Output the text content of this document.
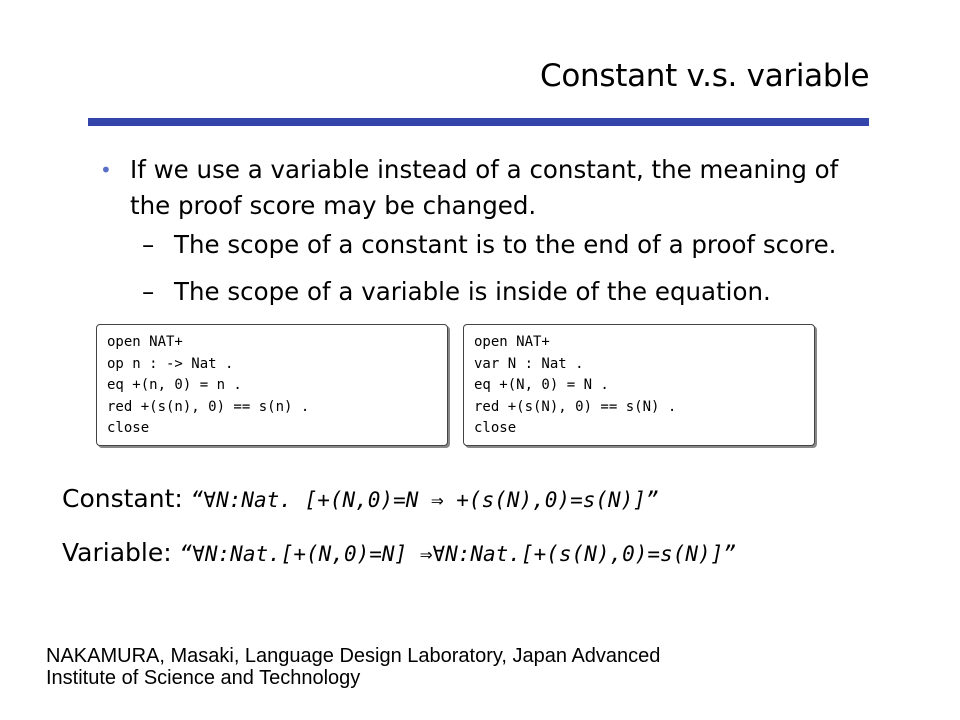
Constant v.s. variable
• If we use a variable instead of a constant, the meaning of the proof score may be changed.
– The scope of a constant is to the end of a proof score.
– The scope of a variable is inside of the equation.
open NAT+
op n : -> Nat .
eq +(n, 0) = n .
red +(s(n), 0) == s(n) .
close
open NAT+
var N : Nat .
eq +(N, 0) = N .
red +(s(N), 0) == s(N) .
close
Constant: “∀N:Nat. [+(N,0)=N ⇒ +(s(N),0)=s(N)]”
Variable: “∀N:Nat.[+(N,0)=N] ⇒∀N:Nat.[+(s(N),0)=s(N)]”
NAKAMURA, Masaki, Language Design Laboratory, Japan Advanced
Institute of Science and Technology
